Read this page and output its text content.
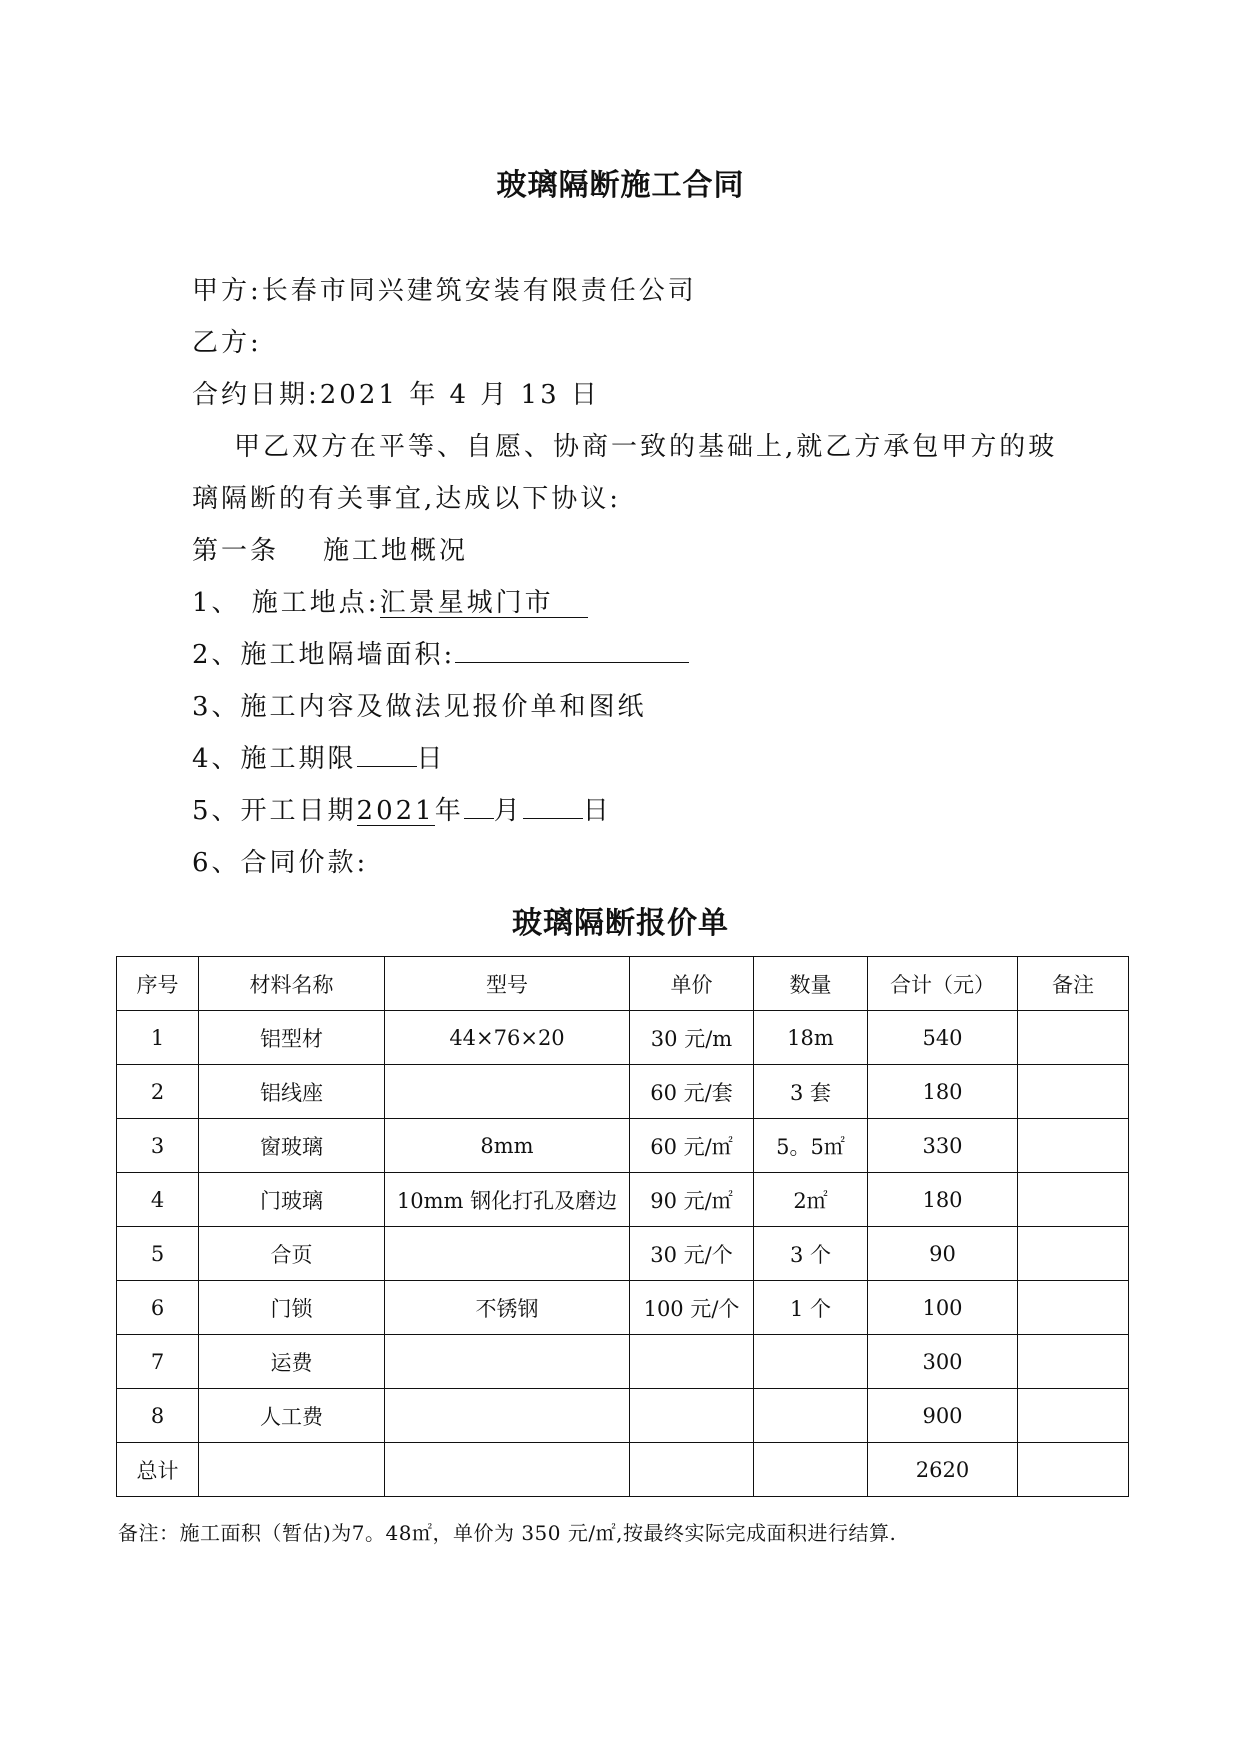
玻璃隔断施工合同
甲方:长春市同兴建筑安装有限责任公司
乙方:
合约日期:2021 年 4 月 13 日
甲乙双方在平等、自愿、协商一致的基础上,就乙方承包甲方的玻
璃隔断的有关事宜,达成以下协议:
第一条 施工地概况
1、 施工地点:汇景星城门市
2、施工地隔墙面积:
3、施工内容及做法见报价单和图纸
4、施工期限 日
5、开工日期2021年 月 日
6、合同价款:
玻璃隔断报价单
序号	材料名称	型号	单价	数量	合计（元）	备注
1	铝型材	44×76×20	30 元/m	18m	540	
2	铝线座		60 元/套	3 套	180	
3	窗玻璃	8mm	60 元/㎡	5。5㎡	330	
4	门玻璃	10mm 钢化打孔及磨边	90 元/㎡	2㎡	180	
5	合页		30 元/个	3 个	90	
6	门锁	不锈钢	100 元/个	1 个	100	
7	运费				300	
8	人工费				900	
总计					2620	
备注：施工面积（暂估)为7。48㎡，单价为 350 元/㎡,按最终实际完成面积进行结算.
